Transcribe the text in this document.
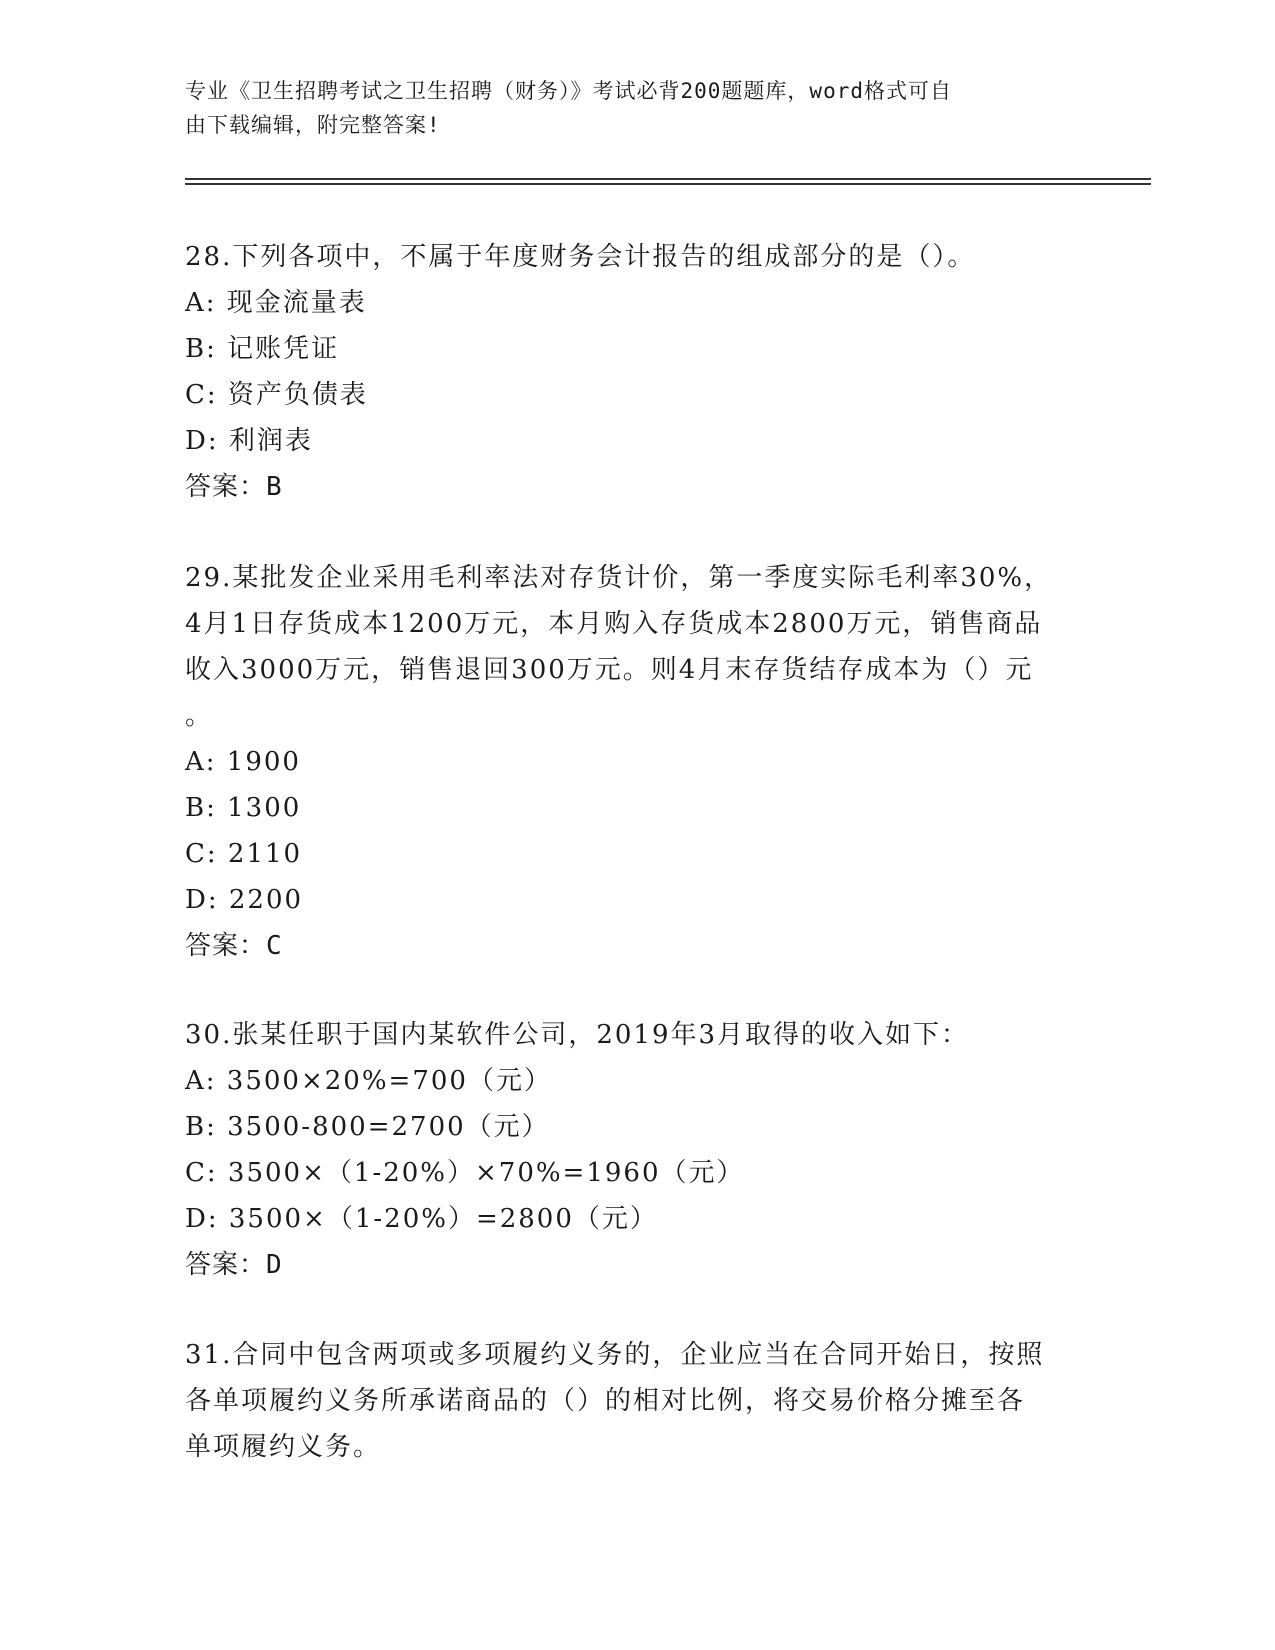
专业《卫生招聘考试之卫生招聘（财务）》考试必背200题题库，word格式可自
由下载编辑，附完整答案!
28.下列各项中，不属于年度财务会计报告的组成部分的是（）。
A: 现金流量表
B: 记账凭证
C: 资产负债表
D: 利润表
答案：B
29.某批发企业采用毛利率法对存货计价，第一季度实际毛利率30%，
4月1日存货成本1200万元，本月购入存货成本2800万元，销售商品
收入3000万元，销售退回300万元。则4月末存货结存成本为（）元
。
A: 1900
B: 1300
C: 2110
D: 2200
答案：C
30.张某任职于国内某软件公司，2019年3月取得的收入如下：
A: 3500×20%=700（元）
B: 3500-800=2700（元）
C: 3500×（1-20%）×70%=1960（元）
D: 3500×（1-20%）=2800（元）
答案：D
31.合同中包含两项或多项履约义务的，企业应当在合同开始日，按照
各单项履约义务所承诺商品的（）的相对比例，将交易价格分摊至各
单项履约义务。
